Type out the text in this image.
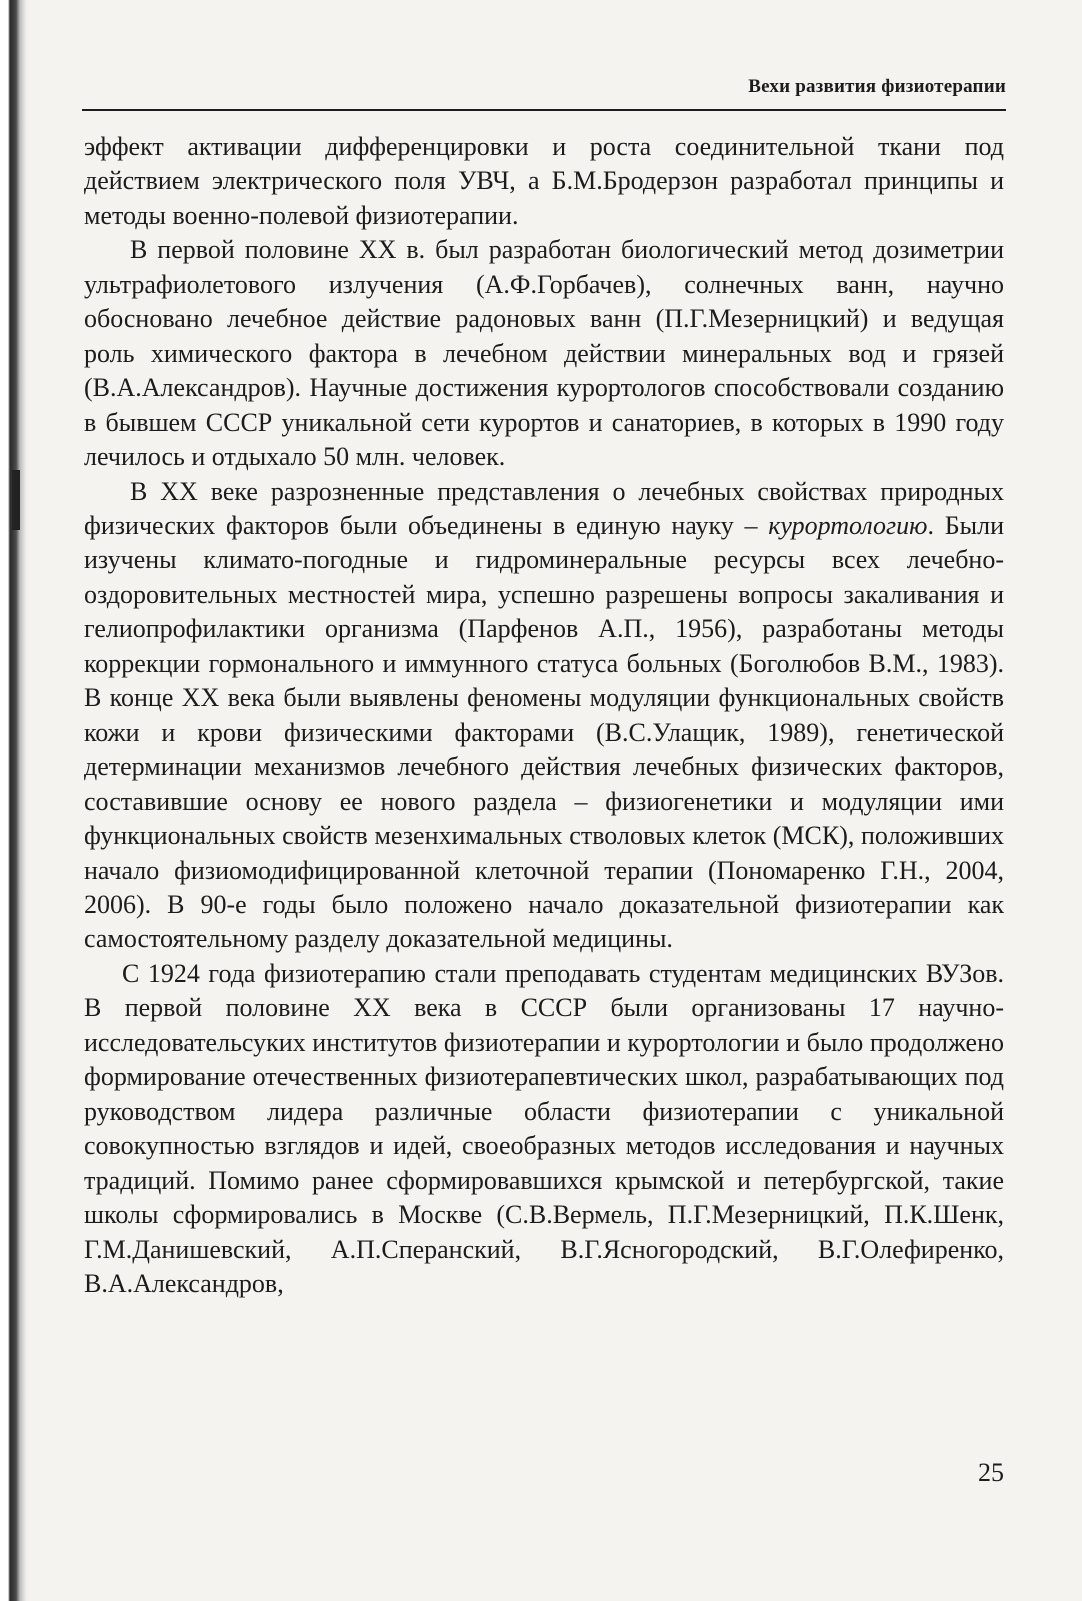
Вехи развития физиотерапии

эффект активации дифференцировки и роста соединительной ткани под действием электрического поля УВЧ, а Б.М.Бродерзон разработал принципы и методы военно-полевой физиотерапии.

В первой половине XX в. был разработан биологический метод дозиметрии ультрафиолетового излучения (А.Ф.Горбачев), солнечных ванн, научно обосновано лечебное действие радоновых ванн (П.Г.Мезерницкий) и ведущая роль химического фактора в лечебном действии минеральных вод и грязей (В.А.Александров). Научные достижения курортологов способствовали созданию в бывшем СССР уникальной сети курортов и санаториев, в которых в 1990 году лечилось и отдыхало 50 млн. человек.

В XX веке разрозненные представления о лечебных свойствах природных физических факторов были объединены в единую науку – курортологию. Были изучены климато-погодные и гидроминеральные ресурсы всех лечебно-оздоровительных местностей мира, успешно разрешены вопросы закаливания и гелиопрофилактики организма (Парфенов А.П., 1956), разработаны методы коррекции гормонального и иммунного статуса больных (Боголюбов В.М., 1983). В конце XX века были выявлены феномены модуляции функциональных свойств кожи и крови физическими факторами (В.С.Улащик, 1989), генетической детерминации механизмов лечебного действия лечебных физических факторов, составившие основу ее нового раздела – физиогенетики и модуляции ими функциональных свойств мезенхимальных стволовых клеток (МСК), положивших начало физиомодифицированной клеточной терапии (Пономаренко Г.Н., 2004, 2006). В 90-е годы было положено начало доказательной физиотерапии как самостоятельному разделу доказательной медицины.

С 1924 года физиотерапию стали преподавать студентам медицинских ВУЗов. В первой половине XX века в СССР были организованы 17 научно-исследовательсуких институтов физиотерапии и курортологии и было продолжено формирование отечественных физиотерапевтических школ, разрабатывающих под руководством лидера различные области физиотерапии с уникальной совокупностью взглядов и идей, своеобразных методов исследования и научных традиций. Помимо ранее сформировавшихся крымской и петербургской, такие школы сформировались в Москве (С.В.Вермель, П.Г.Мезерницкий, П.К.Шенк, Г.М.Данишевский, А.П.Сперанский, В.Г.Ясногородский, В.Г.Олефиренко, В.А.Александров,

25
